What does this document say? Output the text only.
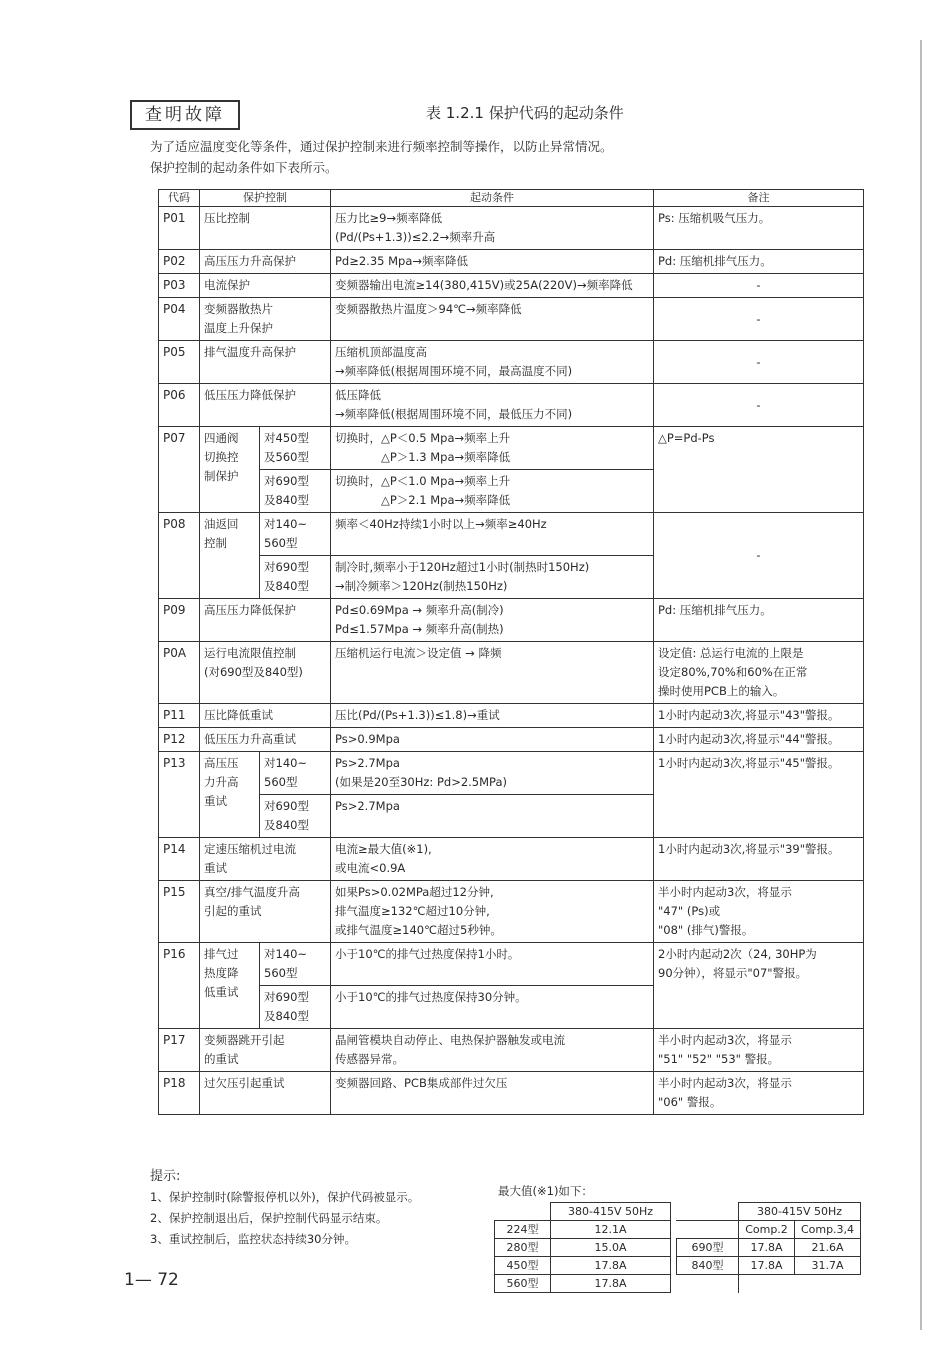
查明故障	表 1.2.1 保护代码的起动条件
为了适应温度变化等条件，通过保护控制来进行频率控制等操作，以防止异常情况。
保护控制的起动条件如下表所示。
代码	保护控制		起动条件	备注
P01	压比控制		压力比≥9→频率降低
(Pd/(Ps+1.3))≤2.2→频率升高	Ps: 压缩机吸气压力。
P02	高压压力升高保护		Pd≥2.35 Mpa→频率降低	Pd: 压缩机排气压力。
P03	电流保护		变频器输出电流≥14(380,415V)或25A(220V)→频率降低	-
P04	变频器散热片
温度上升保护		变频器散热片温度＞94℃→频率降低	-
P05	排气温度升高保护		压缩机顶部温度高
→频率降低(根据周围环境不同，最高温度不同)	-
P06	低压压力降低保护		低压降低
→频率降低(根据周围环境不同，最低压力不同)	-
P07	四通阀
切换控
制保护	对450型
及560型	切换时，△P＜0.5 Mpa→频率上升
　　　　△P＞1.3 Mpa→频率降低	△P=Pd-Ps
		对690型
及840型	切换时，△P＜1.0 Mpa→频率上升
　　　　△P＞2.1 Mpa→频率降低	
P08	油返回
控制	对140~
560型	频率＜40Hz持续1小时以上→频率≥40Hz	-
		对690型
及840型	制冷时,频率小于120Hz超过1小时(制热时150Hz)
→制冷频率＞120Hz(制热150Hz)	
P09	高压压力降低保护		Pd≤0.69Mpa → 频率升高(制冷)
Pd≤1.57Mpa → 频率升高(制热)	Pd: 压缩机排气压力。
P0A	运行电流限值控制
(对690型及840型)		压缩机运行电流＞设定值 → 降频	设定值: 总运行电流的上限是
设定80%,70%和60%在正常
操时使用PCB上的输入。
P11	压比降低重试		压比(Pd/(Ps+1.3))≤1.8)→重试	1小时内起动3次,将显示"43"警报。
P12	低压压力升高重试		Ps>0.9Mpa	1小时内起动3次,将显示"44"警报。
P13	高压压
力升高
重试	对140~
560型	Ps>2.7Mpa
(如果是20至30Hz: Pd>2.5MPa)	1小时内起动3次,将显示"45"警报。
		对690型
及840型	Ps>2.7Mpa	
P14	定速压缩机过电流
重试		电流≥最大值(※1),
或电流<0.9A	1小时内起动3次,将显示"39"警报。
P15	真空/排气温度升高
引起的重试		如果Ps>0.02MPa超过12分钟,
排气温度≥132℃超过10分钟,
或排气温度≥140℃超过5秒钟。	半小时内起动3次，将显示
"47" (Ps)或
"08" (排气)警报。
P16	排气过
热度降
低重试	对140~
560型	小于10℃的排气过热度保持1小时。	2小时内起动2次（24, 30HP为
90分钟），将显示"07"警报。
		对690型
及840型	小于10℃的排气过热度保持30分钟。	
P17	变频器跳开引起
的重试		晶闸管模块自动停止、电热保护器触发或电流
传感器异常。	半小时内起动3次，将显示
"51" "52" "53" 警报。
P18	过欠压引起重试		变频器回路、PCB集成部件过欠压	半小时内起动3次，将显示
"06" 警报。
提示:
1、保护控制时(除警报停机以外)，保护代码被显示。
2、保护控制退出后，保护控制代码显示结束。
3、重试控制后，监控状态持续30分钟。
最大值(※1)如下：
	380-415V 50Hz
224型	12.1A
280型	15.0A
450型	17.8A
560型	17.8A
	380-415V 50Hz	
	Comp.2	Comp.3,4
690型	17.8A	21.6A
840型	17.8A	31.7A

1— 72
